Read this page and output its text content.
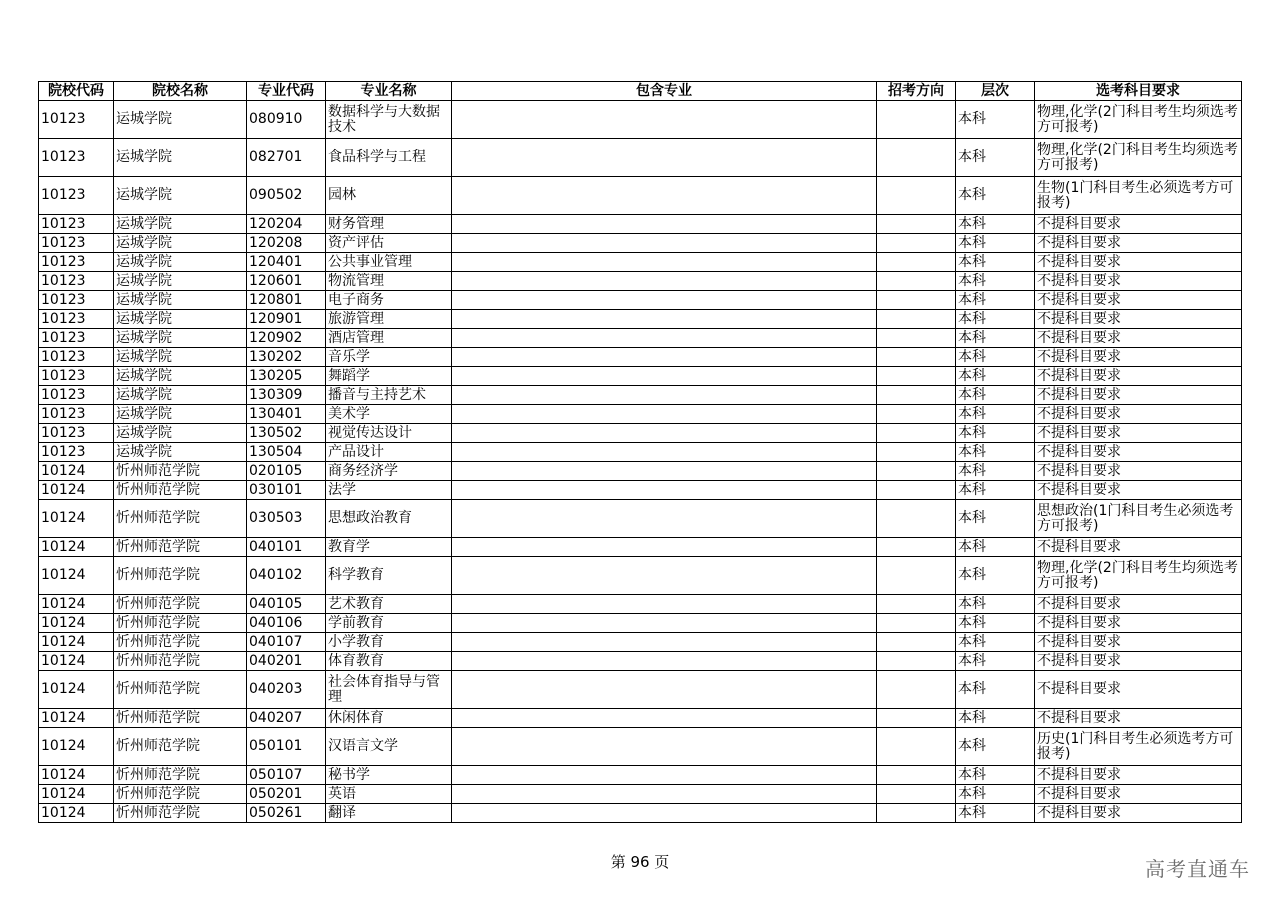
院校代码	院校名称	专业代码	专业名称	包含专业	招考方向	层次	选考科目要求
10123	运城学院	080910	数据科学与大数据技术			本科	物理,化学(2门科目考生均须选考方可报考)
10123	运城学院	082701	食品科学与工程			本科	物理,化学(2门科目考生均须选考方可报考)
10123	运城学院	090502	园林			本科	生物(1门科目考生必须选考方可报考)
10123	运城学院	120204	财务管理			本科	不提科目要求
10123	运城学院	120208	资产评估			本科	不提科目要求
10123	运城学院	120401	公共事业管理			本科	不提科目要求
10123	运城学院	120601	物流管理			本科	不提科目要求
10123	运城学院	120801	电子商务			本科	不提科目要求
10123	运城学院	120901	旅游管理			本科	不提科目要求
10123	运城学院	120902	酒店管理			本科	不提科目要求
10123	运城学院	130202	音乐学			本科	不提科目要求
10123	运城学院	130205	舞蹈学			本科	不提科目要求
10123	运城学院	130309	播音与主持艺术			本科	不提科目要求
10123	运城学院	130401	美术学			本科	不提科目要求
10123	运城学院	130502	视觉传达设计			本科	不提科目要求
10123	运城学院	130504	产品设计			本科	不提科目要求
10124	忻州师范学院	020105	商务经济学			本科	不提科目要求
10124	忻州师范学院	030101	法学			本科	不提科目要求
10124	忻州师范学院	030503	思想政治教育			本科	思想政治(1门科目考生必须选考方可报考)
10124	忻州师范学院	040101	教育学			本科	不提科目要求
10124	忻州师范学院	040102	科学教育			本科	物理,化学(2门科目考生均须选考方可报考)
10124	忻州师范学院	040105	艺术教育			本科	不提科目要求
10124	忻州师范学院	040106	学前教育			本科	不提科目要求
10124	忻州师范学院	040107	小学教育			本科	不提科目要求
10124	忻州师范学院	040201	体育教育			本科	不提科目要求
10124	忻州师范学院	040203	社会体育指导与管理			本科	不提科目要求
10124	忻州师范学院	040207	休闲体育			本科	不提科目要求
10124	忻州师范学院	050101	汉语言文学			本科	历史(1门科目考生必须选考方可报考)
10124	忻州师范学院	050107	秘书学			本科	不提科目要求
10124	忻州师范学院	050201	英语			本科	不提科目要求
10124	忻州师范学院	050261	翻译			本科	不提科目要求
第 96 页	高考直通车
